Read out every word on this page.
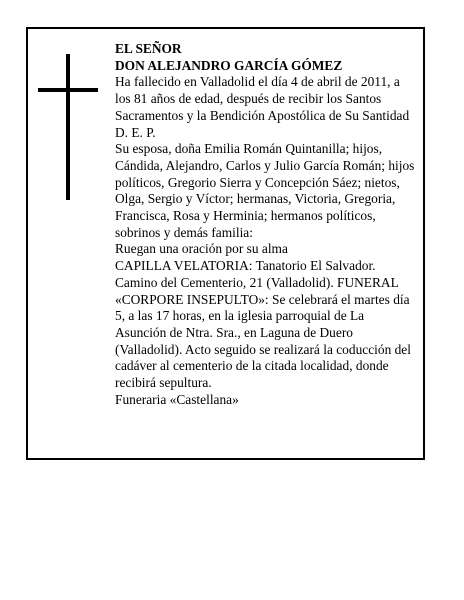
EL SEÑOR

DON ALEJANDRO GARCÍA GÓMEZ

Ha fallecido en Valladolid el día 4 de abril de 2011, a los 81 años de edad, después de recibir los Santos Sacramentos y la Bendición Apostólica de Su Santidad D. E. P.

Su esposa, doña Emilia Román Quintanilla; hijos, Cándida, Alejandro, Carlos y Julio García Román; hijos políticos, Gregorio Sierra y Concepción Sáez; nietos, Olga, Sergio y Víctor; hermanas, Victoria, Gregoria, Francisca, Rosa y Herminia; hermanos políticos, sobrinos y demás familia:

Ruegan una oración por su alma

CAPILLA VELATORIA: Tanatorio El Salvador. Camino del Cementerio, 21 (Valladolid). FUNERAL «CORPORE INSEPULTO»: Se celebrará el martes día 5, a las 17 horas, en la iglesia parroquial de La Asunción de Ntra. Sra., en Laguna de Duero (Valladolid). Acto seguido se realizará la coducción del cadáver al cementerio de la citada localidad, donde recibirá sepultura.

Funeraria «Castellana»
